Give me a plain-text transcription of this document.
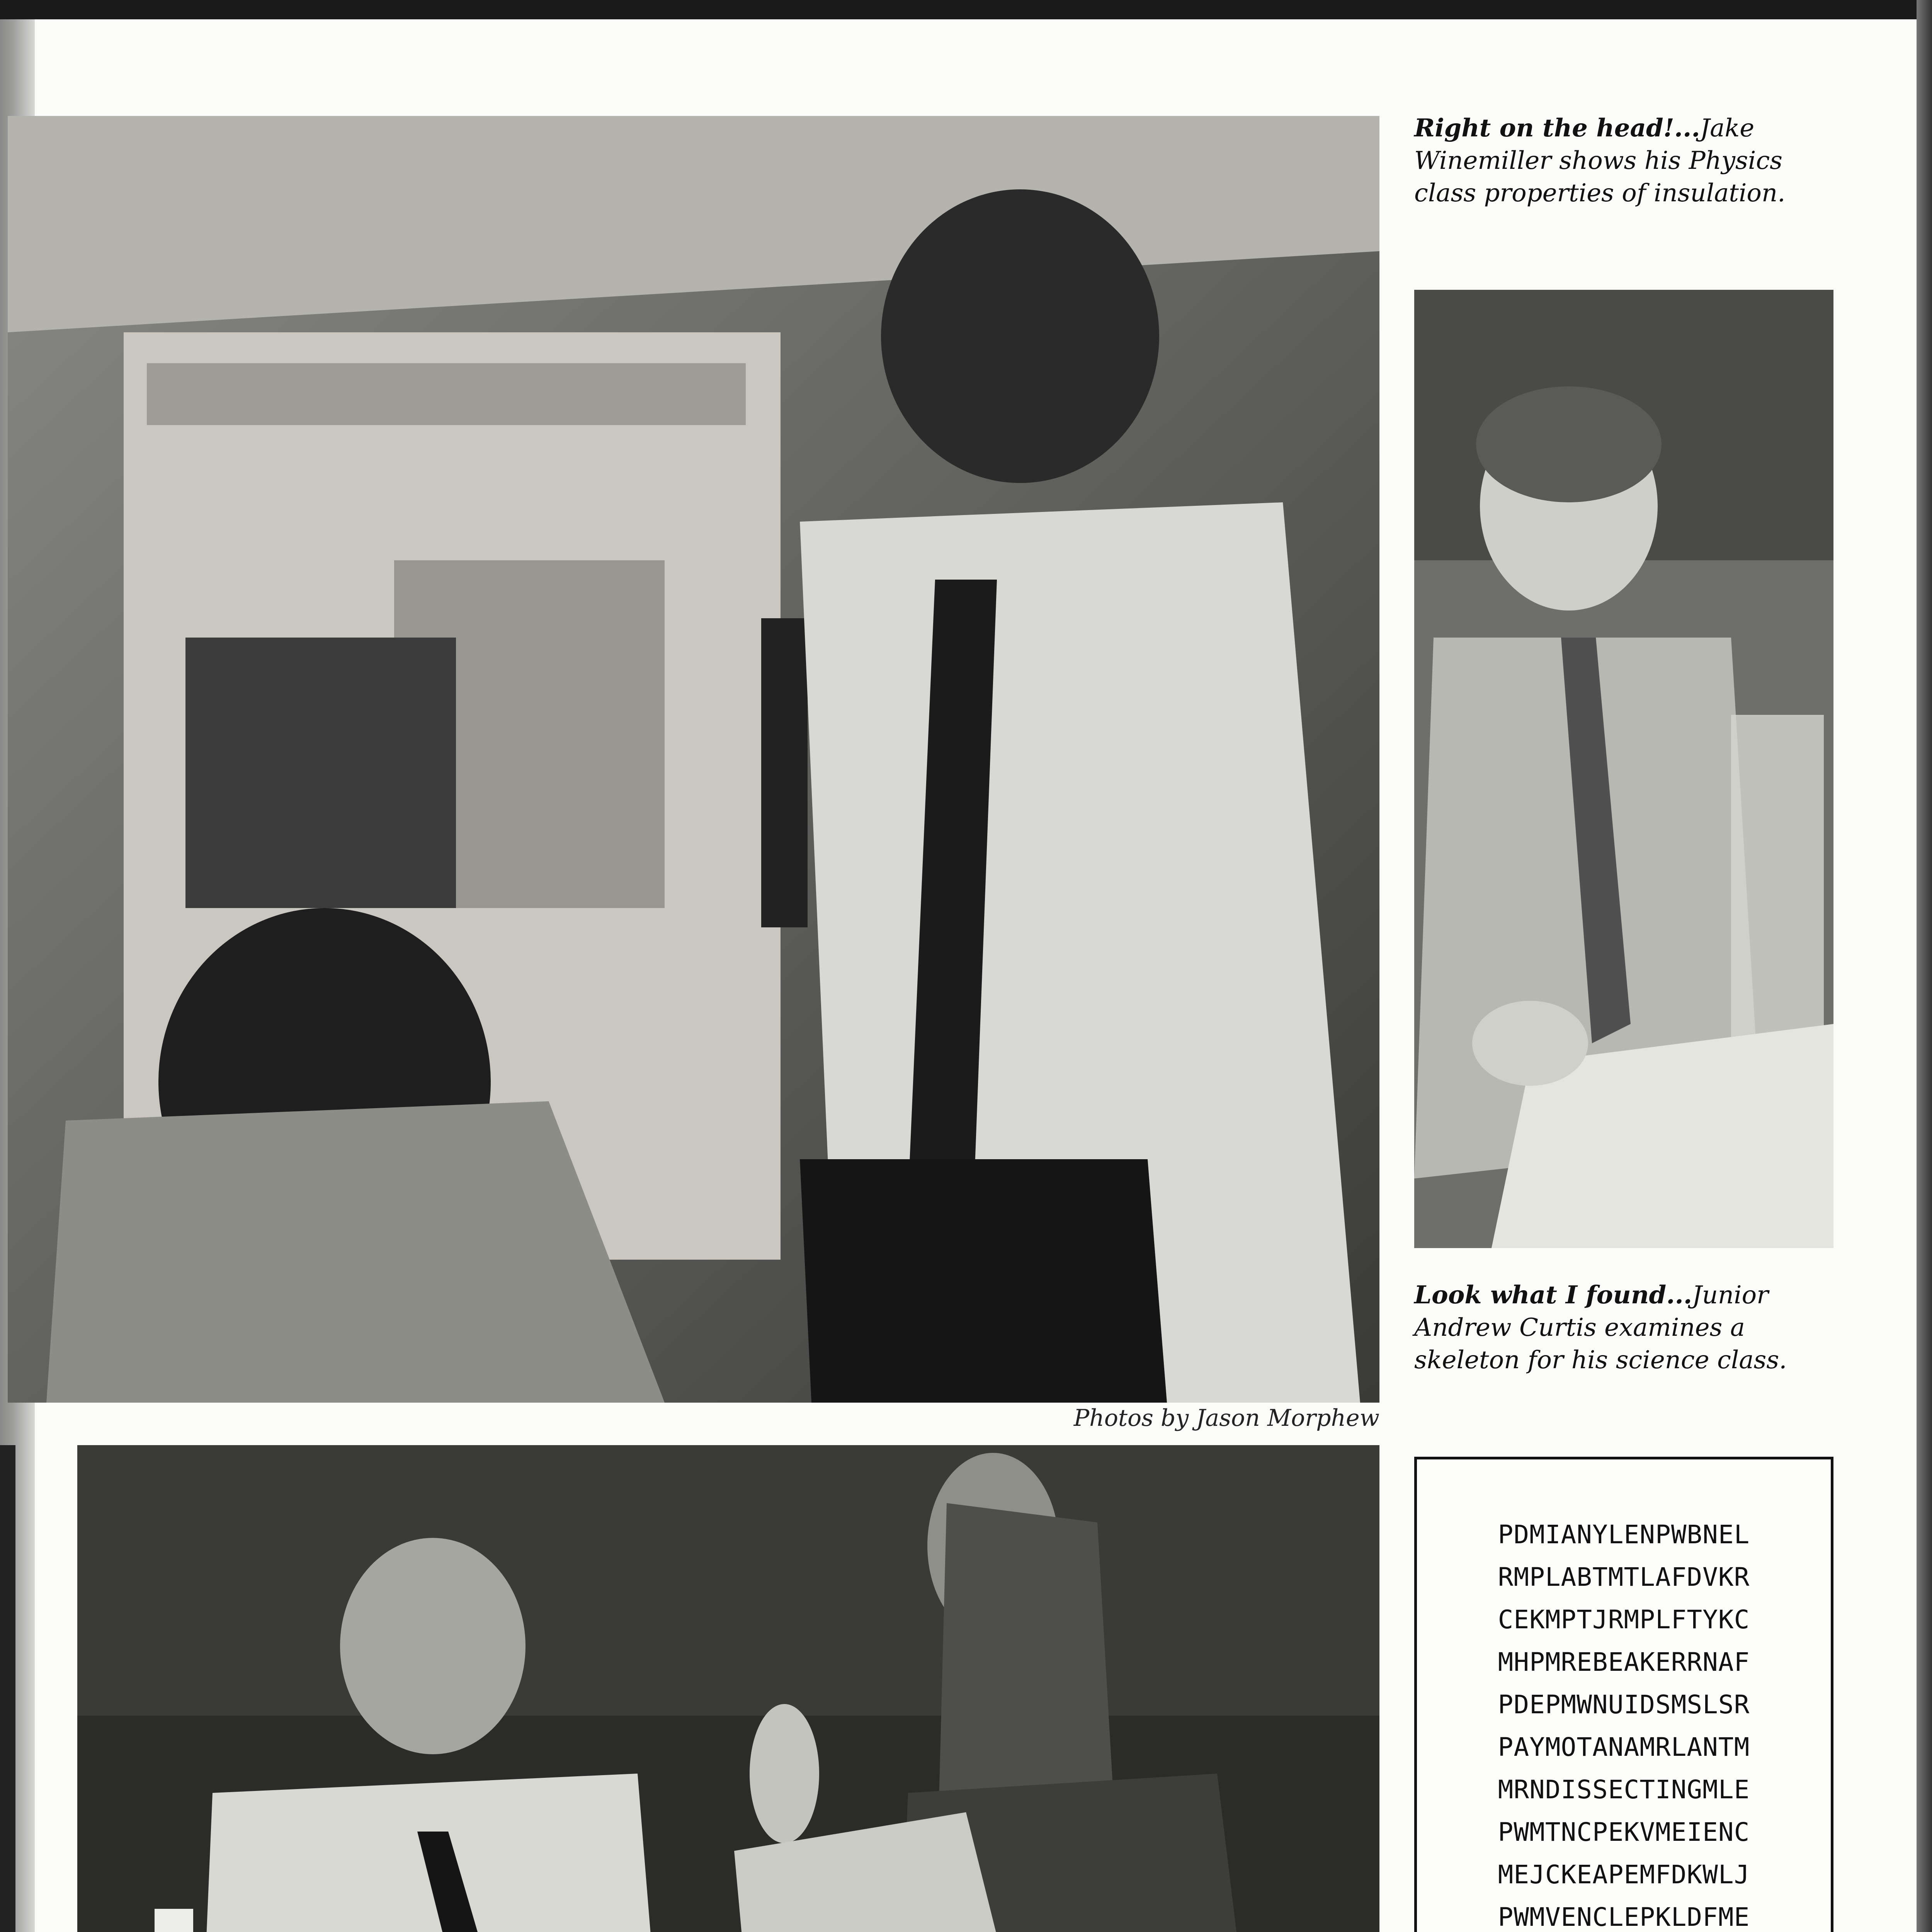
Photos by Jason Morphew
Right on the head!...Jake Winemiller shows his Physics class properties of insulation.
Look what I found...Junior Andrew Curtis examines a skeleton for his science class.
PDMIANYLENPWBNEL
RMPLABTMTLAFDVKR
CEKMPTJRMPLFTYKC
MHPMREBEAKERRNAF
PDEPMWNUIDSMSLSR
PAYMOTANAMRLANTM
MRNDISSECTINGMLE
PWMTNCPEKVMEIENC
MEJCKEAPEMFDKWLJ
PWMVENCLEPKLDFME
